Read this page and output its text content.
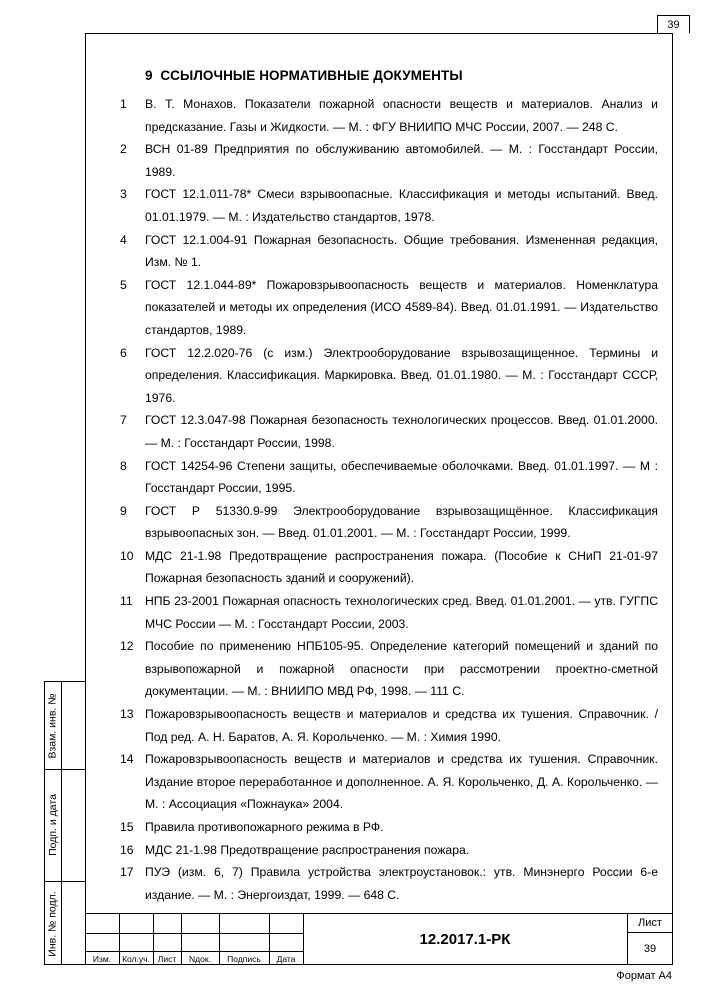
39
9 ССЫЛОЧНЫЕ НОРМАТИВНЫЕ ДОКУМЕНТЫ
1	В. Т. Монахов. Показатели пожарной опасности веществ и материалов. Анализ и предсказание. Газы и Жидкости. — М. : ФГУ ВНИИПО МЧС России, 2007. — 248 С.
2	ВСН 01-89 Предприятия по обслуживанию автомобилей. — М. : Госстандарт России, 1989.
3	ГОСТ 12.1.011-78* Смеси взрывоопасные. Классификация и методы испытаний. Введ. 01.01.1979. — М. : Издательство стандартов, 1978.
4	ГОСТ 12.1.004-91 Пожарная безопасность. Общие требования. Измененная редакция, Изм. № 1.
5	ГОСТ 12.1.044-89* Пожаровзрывоопасность веществ и материалов. Номенклатура показателей и методы их определения (ИСО 4589-84). Введ. 01.01.1991. — Издательство стандартов, 1989.
6	ГОСТ 12.2.020-76 (с изм.) Электрооборудование взрывозащищенное. Термины и определения. Классификация. Маркировка. Введ. 01.01.1980. — М. : Госстандарт СССР, 1976.
7	ГОСТ 12.3.047-98 Пожарная безопасность технологических процессов. Введ. 01.01.2000. — М. : Госстандарт России, 1998.
8	ГОСТ 14254-96 Степени защиты, обеспечиваемые оболочками. Введ. 01.01.1997. — М : Госстандарт России, 1995.
9	ГОСТ Р 51330.9-99 Электрооборудование взрывозащищённое. Классификация взрывоопасных зон. — Введ. 01.01.2001. — М. : Госстандарт России, 1999.
10 МДС 21-1.98 Предотвращение распространения пожара. (Пособие к СНиП 21-01-97 Пожарная безопасность зданий и сооружений).
11	НПБ 23-2001 Пожарная опасность технологических сред. Введ. 01.01.2001. — утв. ГУГПС МЧС России — М. : Госстандарт России, 2003.
12 Пособие по применению НПБ105-95. Определение категорий помещений и зданий по взрывопожарной и пожарной опасности при рассмотрении проектно-сметной документации. — М. : ВНИИПО МВД РФ, 1998. — 111 С.
13 Пожаровзрывоопасность веществ и материалов и средства их тушения. Справочник. / Под ред. А. Н. Баратов, А. Я. Корольченко. — М. : Химия 1990.
14 Пожаровзрывоопасность веществ и материалов и средства их тушения. Справочник. Издание второе переработанное и дополненное. А. Я. Корольченко, Д. А. Корольченко. — М. : Ассоциация «Пожнаука» 2004.
15 Правила противопожарного режима в РФ.
16 МДС 21-1.98 Предотвращение распространения пожара.
17 ПУЭ (изм. 6, 7) Правила устройства электроустановок.: утв. Минэнерго России 6-е издание. — М. : Энергоиздат, 1999. — 648 С.
Взам. инв. №
Подп. и дата
Инв. № подл.
Изм.	Кол.уч. Лист	Nдок.	Подпись	Дата
12.2017.1-РК
Лист
39
Формат А4
